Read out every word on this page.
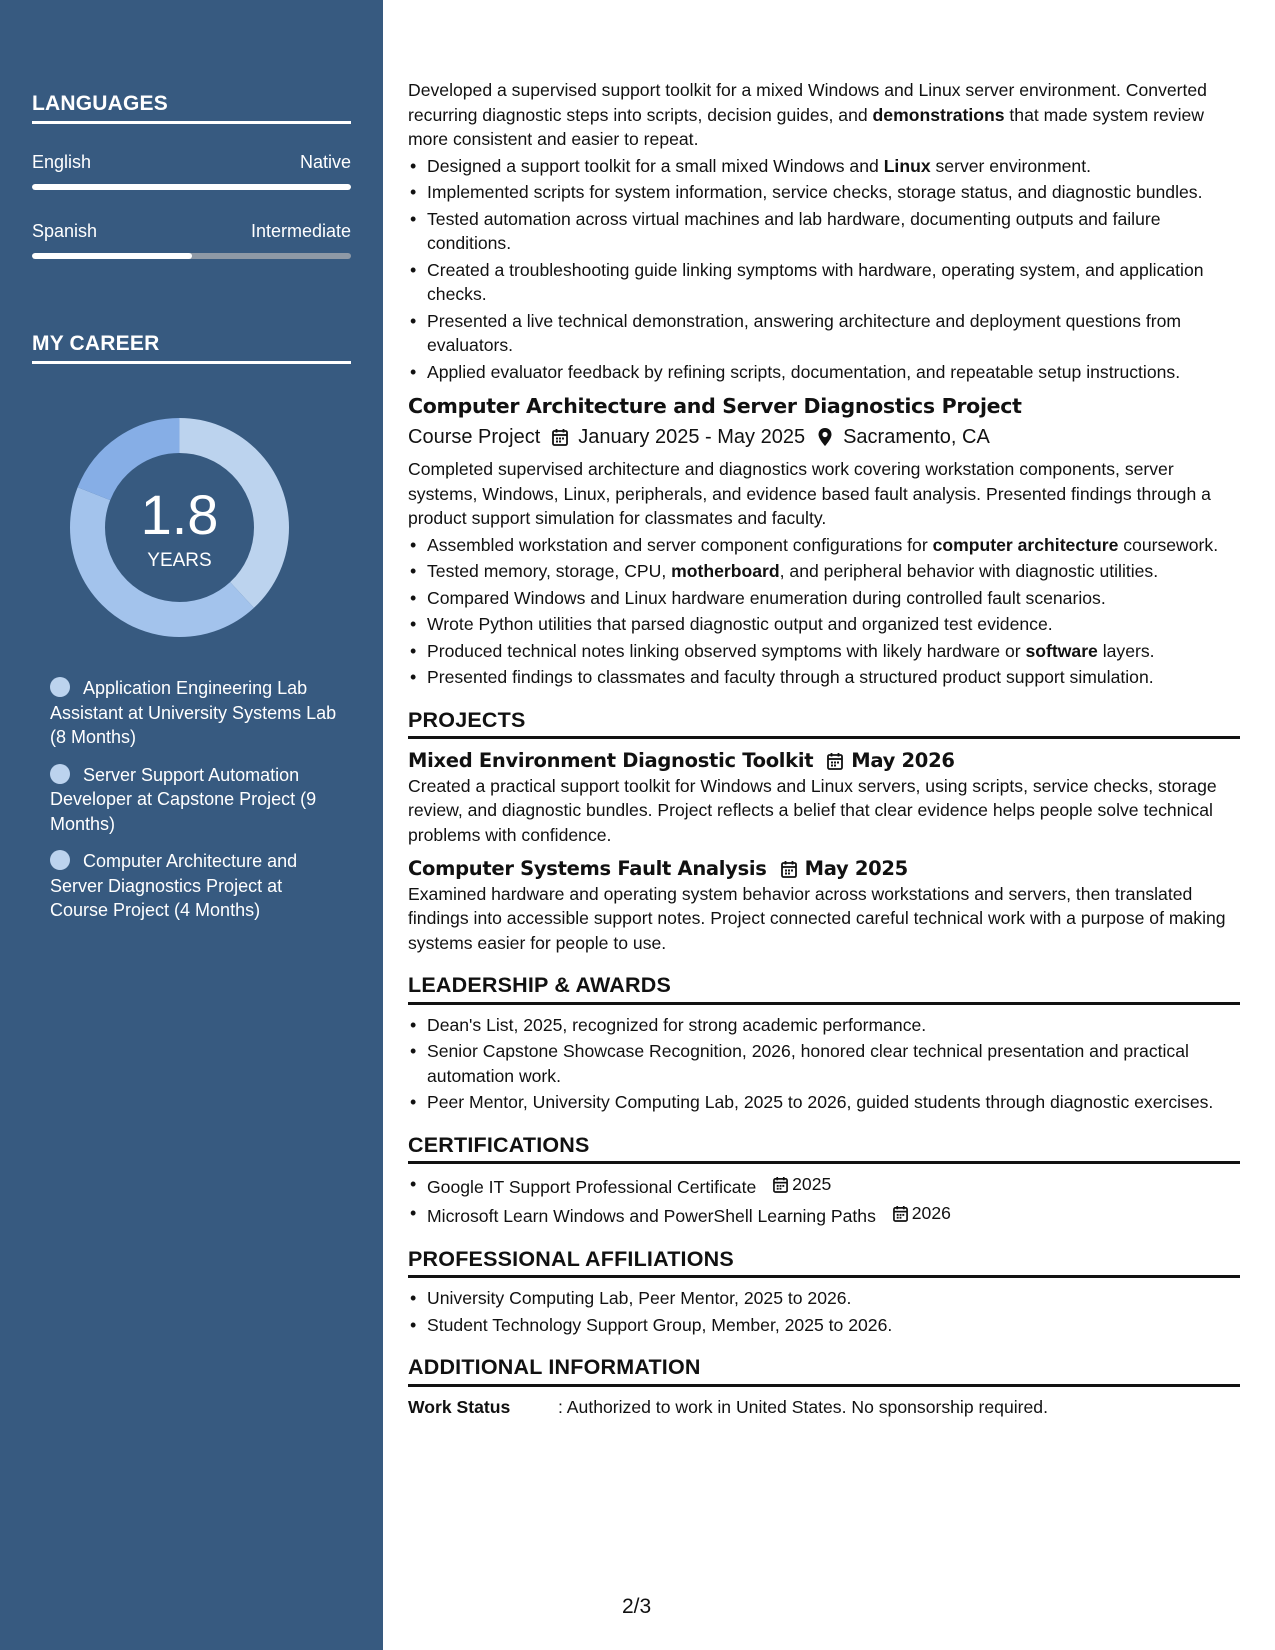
LANGUAGES
English	Native
Spanish	Intermediate
MY CAREER
1.8
YEARS
Application Engineering Lab Assistant at University Systems Lab (8 Months)
Server Support Automation Developer at Capstone Project (9 Months)
Computer Architecture and Server Diagnostics Project at Course Project (4 Months)

Developed a supervised support toolkit for a mixed Windows and Linux server environment. Converted recurring diagnostic steps into scripts, decision guides, and demonstrations that made system review more consistent and easier to repeat.

• Designed a support toolkit for a small mixed Windows and Linux server environment.
• Implemented scripts for system information, service checks, storage status, and diagnostic bundles.
• Tested automation across virtual machines and lab hardware, documenting outputs and failure conditions.
• Created a troubleshooting guide linking symptoms with hardware, operating system, and application checks.
• Presented a live technical demonstration, answering architecture and deployment questions from evaluators.
• Applied evaluator feedback by refining scripts, documentation, and repeatable setup instructions.
Computer Architecture and Server Diagnostics Project
Course Project January 2025 - May 2025 Sacramento, CA

Completed supervised architecture and diagnostics work covering workstation components, server systems, Windows, Linux, peripherals, and evidence based fault analysis. Presented findings through a product support simulation for classmates and faculty.

• Assembled workstation and server component configurations for computer architecture coursework.
• Tested memory, storage, CPU, motherboard, and peripheral behavior with diagnostic utilities.
• Compared Windows and Linux hardware enumeration during controlled fault scenarios.
• Wrote Python utilities that parsed diagnostic output and organized test evidence.
• Produced technical notes linking observed symptoms with likely hardware or software layers.
• Presented findings to classmates and faculty through a structured product support simulation.
PROJECTS
Mixed Environment Diagnostic Toolkit May 2026

Created a practical support toolkit for Windows and Linux servers, using scripts, service checks, storage review, and diagnostic bundles. Project reflects a belief that clear evidence helps people solve technical problems with confidence.

Computer Systems Fault Analysis May 2025

Examined hardware and operating system behavior across workstations and servers, then translated findings into accessible support notes. Project connected careful technical work with a purpose of making systems easier for people to use.

LEADERSHIP & AWARDS
• Dean's List, 2025, recognized for strong academic performance.
• Senior Capstone Showcase Recognition, 2026, honored clear technical presentation and practical automation work.
• Peer Mentor, University Computing Lab, 2025 to 2026, guided students through diagnostic exercises.
CERTIFICATIONS
• Google IT Support Professional Certificate 2025
• Microsoft Learn Windows and PowerShell Learning Paths 2026
PROFESSIONAL AFFILIATIONS
• University Computing Lab, Peer Mentor, 2025 to 2026.
• Student Technology Support Group, Member, 2025 to 2026.
ADDITIONAL INFORMATION
Work Status	: Authorized to work in United States. No sponsorship required.
2/3
